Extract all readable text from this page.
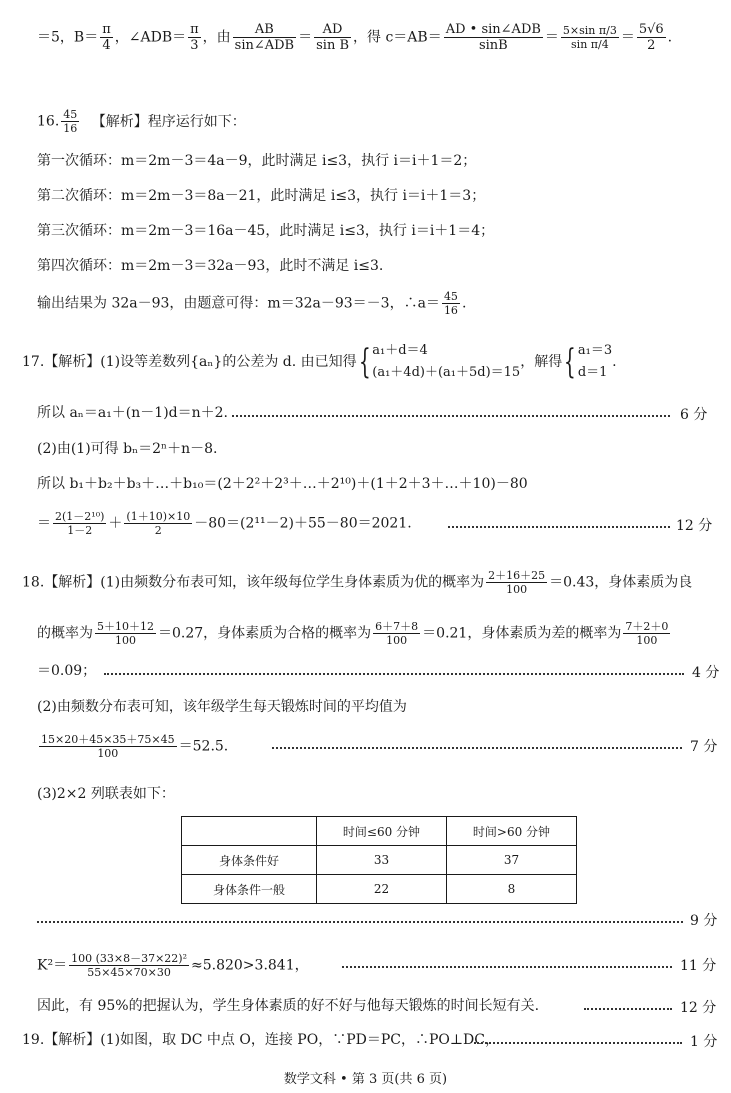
＝5，$B= \frac{\pi}{4}$ ，∠ADB＝ $\frac{\pi}{3}$ ，由	AB
sin∠ADB ＝ $\frac{AD}{\text{sin B}}$ ，得 c＝AB＝ AD • sin∠ADB
sinB	＝ $\frac{\text{5×sin π/3}}{\text{sin π/4}} = \frac{5√6}{2}$ .
16. $\frac{45}{16}$ 【解析】程序运行如下：
第一次循环：m＝2m－3＝4a－9，此时满足 i≤3，执行 i＝i＋1＝2；
第二次循环：m＝2m－3＝8a－21，此时满足 i≤3，执行 i＝i＋1＝3；
第三次循环：m＝2m－3＝16a－45，此时满足 i≤3，执行 i＝i＋1＝4；
第四次循环：m＝2m－3＝32a－93，此时不满足 i≤3.
输出结果为 32a－93，由题意可得：m＝32a－93＝－3，∴a＝ $\frac{45}{16}$ .
17.【解析】(1)设等差数列{aₙ}的公差为 d. 由已知得{ a₁＋d＝4
(a₁＋4d)＋(a₁＋5d)＝15
，解得{ a₁＝3
d＝1
.
所以 aₙ＝a₁＋(n－1)d＝n＋2.	6 分
(2)由(1)可得 bₙ＝2ⁿ＋n－8.
所以 b₁＋b₂＋b₃＋…＋b₁₀＝(2＋2²＋2³＋…＋2¹⁰)＋(1＋2＋3＋…＋10)－80
＝ $\frac{\text{2(1－2¹⁰)}}{1-2} + \frac{(1+10)\times 10}{2} -80=(2^{11}-2)+55-80=2021$.	12 分
18.【解析】(1)由频数分布表可知，该年级每位学生身体素质为优的概率为 $\frac{2+16+25}{100} =0.43$，身体素质为良
的概率为 $\frac{5+10+12}{100} =0.27$，身体素质为合格的概率为 $\frac{6+7+8}{100} =0.21$，身体素质为差的概率为 $\frac{7+2+0}{100}$
＝0.09；	4 分
(2)由频数分布表可知，该年级学生每天锻炼时间的平均值为
$\frac{15\times 20+45\times 35+75\times 45}{100} =52.5$.	7 分
(3)2×2 列联表如下：
	时间≤60 分钟	时间>60 分钟
身体条件好	33	37
身体条件一般	22	8
9 分
$K^2= \frac{\text{100 (33×8－37×22)²}}{55\times 45\times 70\times 30} \approx 5.820>3.841$，	11 分
因此，有 95%的把握认为，学生身体素质的好不好与他每天锻炼的时间长短有关.	12 分
19.【解析】(1)如图，取 DC 中点 O，连接 PO，∵PD＝PC，∴PO⊥DC，	1 分
数学文科 • 第 3 页(共 6 页)
